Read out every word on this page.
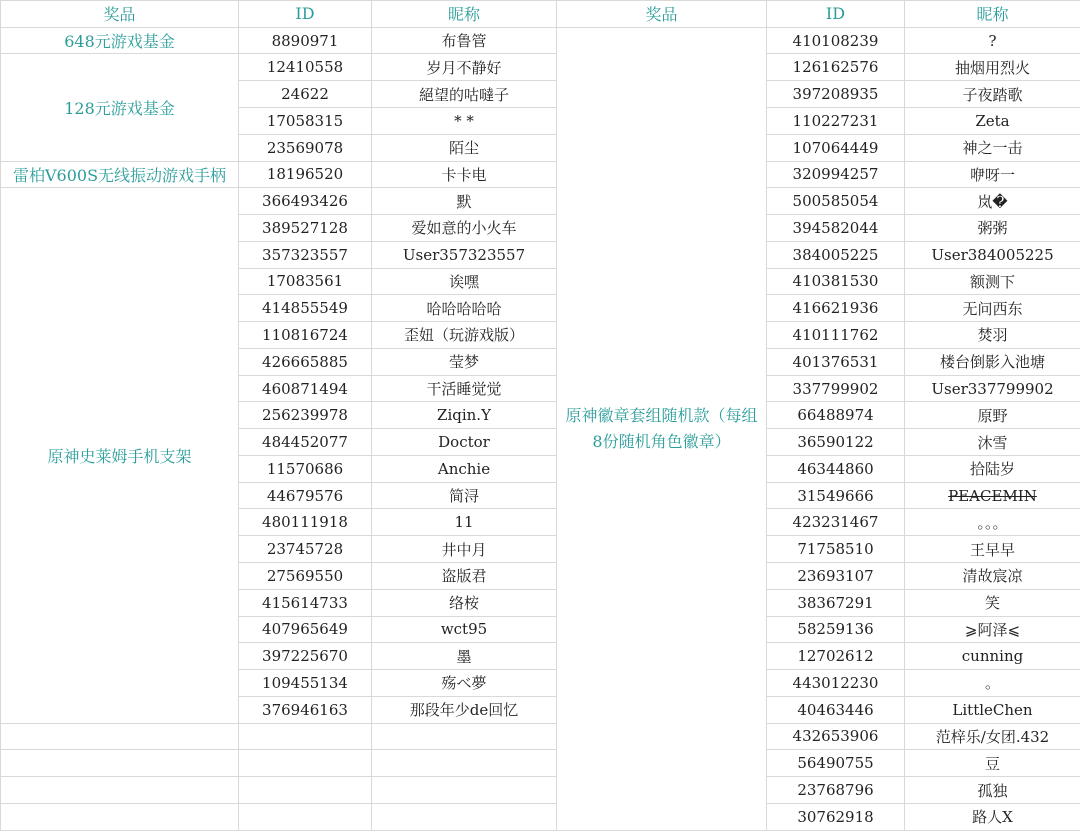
奖品	ID	昵称	奖品	ID	昵称
648元游戏基金	8890971	布鲁管	原神徽章套组随机款（每组8份随机角色徽章）	410108239	?
128元游戏基金	12410558	岁月不静好		126162576	抽烟用烈火
	24622	絕望的咕噠子		397208935	子夜踏歌
	17058315	* *		110227231	Zeta
	23569078	陌尘		107064449	神之一击
雷柏V600S无线振动游戏手柄	18196520	卡卡电		320994257	咿呀一
原神史莱姆手机支架	366493426	默		500585054	岚�
	389527128	爱如意的小火车		394582044	粥粥
	357323557	User357323557		384005225	User384005225
	17083561	诶嘿		410381530	额测下
	414855549	哈哈哈哈哈		416621936	无问西东
	110816724	歪妞（玩游戏版）		410111762	焚羽
	426665885	莹梦		401376531	楼台倒影入池塘
	460871494	干活睡觉觉		337799902	User337799902
	256239978	Ziqin.Y		66488974	原野
	484452077	Doctor		36590122	沐雪
	11570686	Anchie		46344860	拾陆岁
	44679576	简浔		31549666	PEACEMIN
	480111918	11		423231467	。。。
	23745728	井中月		71758510	王早早
	27569550	盗版君		23693107	清故宸凉
	415614733	络桉		38367291	笑
	407965649	wct95		58259136	⩾阿泽⩽
	397225670	墨		12702612	cunning
	109455134	殇べ夢		443012230	。
	376946163	那段年少de回忆		40463446	LittleChen
				432653906	范梓乐/女团.432
				56490755	豆
				23768796	孤独
				30762918	路人X
